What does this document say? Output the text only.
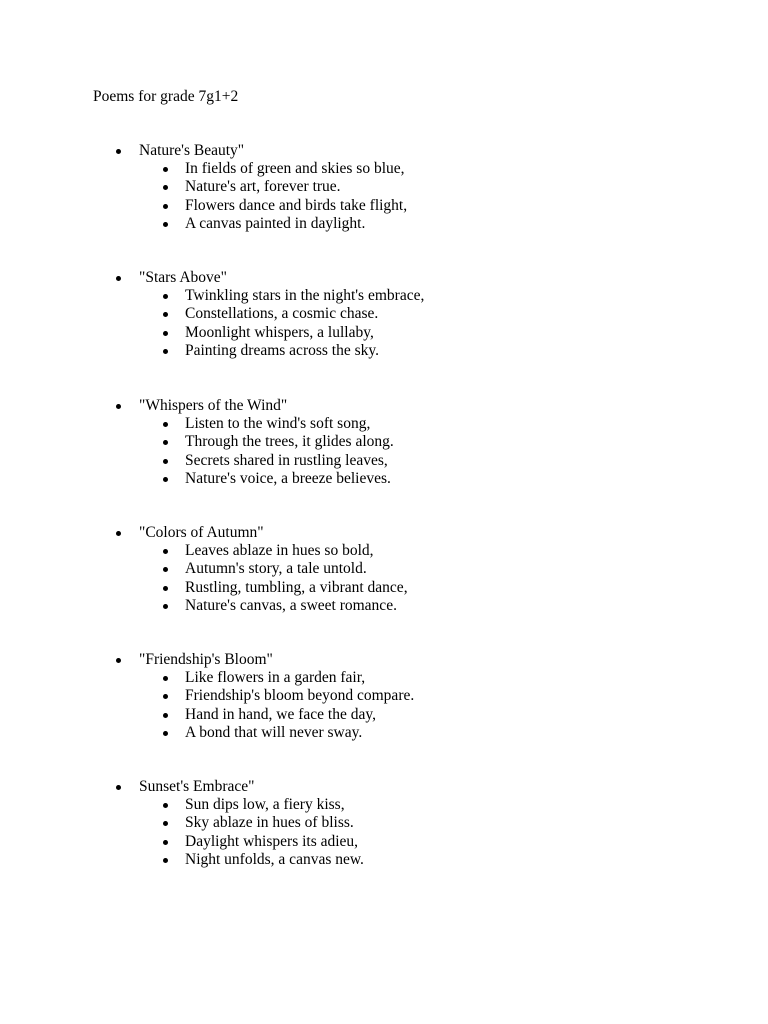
Poems for grade 7g1+2
Nature's Beauty"
In fields of green and skies so blue,
Nature's art, forever true.
Flowers dance and birds take flight,
A canvas painted in daylight.
"Stars Above"
Twinkling stars in the night's embrace,
Constellations, a cosmic chase.
Moonlight whispers, a lullaby,
Painting dreams across the sky.
"Whispers of the Wind"
Listen to the wind's soft song,
Through the trees, it glides along.
Secrets shared in rustling leaves,
Nature's voice, a breeze believes.
"Colors of Autumn"
Leaves ablaze in hues so bold,
Autumn's story, a tale untold.
Rustling, tumbling, a vibrant dance,
Nature's canvas, a sweet romance.
"Friendship's Bloom"
Like flowers in a garden fair,
Friendship's bloom beyond compare.
Hand in hand, we face the day,
A bond that will never sway.
Sunset's Embrace"
Sun dips low, a fiery kiss,
Sky ablaze in hues of bliss.
Daylight whispers its adieu,
Night unfolds, a canvas new.
